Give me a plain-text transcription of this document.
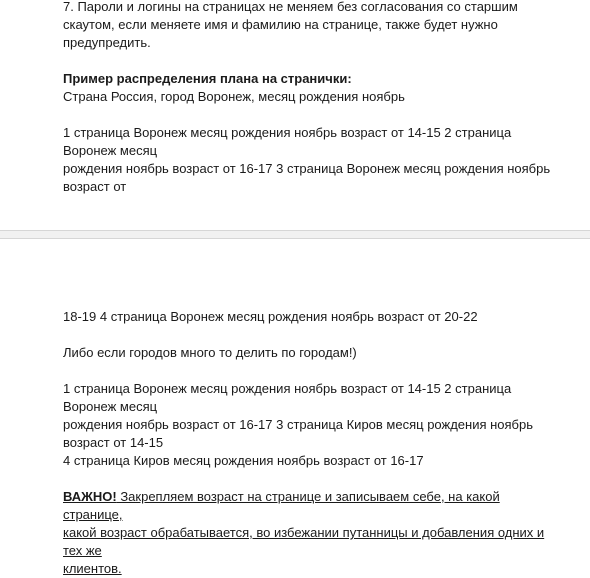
7. Пароли и логины на страницах не меняем без согласования со старшим

скаутом, если меняете имя и фамилию на странице, также будет нужно

предупредить.

Пример распределения плана на странички:

Страна Россия, город Воронеж, месяц рождения ноябрь

1 страница Воронеж месяц рождения ноябрь возраст от 14-15 2 страница Воронеж месяц

рождения ноябрь возраст от 16-17 3 страница Воронеж месяц рождения ноябрь возраст от

18-19 4 страница Воронеж месяц рождения ноябрь возраст от 20-22

Либо если городов много то делить по городам!)

1 страница Воронеж месяц рождения ноябрь возраст от 14-15 2 страница Воронеж месяц

рождения ноябрь возраст от 16-17 3 страница Киров месяц рождения ноябрь возраст от 14-15

4 страница Киров месяц рождения ноябрь возраст от 16-17

ВАЖНО! Закрепляем возраст на странице и записываем себе, на какой странице,

какой возраст обрабатывается, во избежании путанницы и добавления одних и тех же

клиентов.
